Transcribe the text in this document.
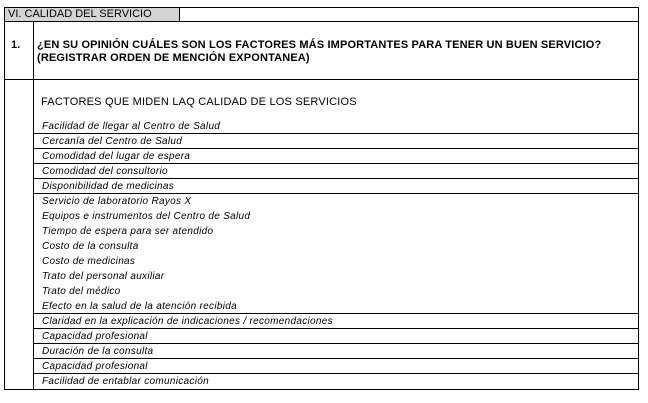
VI. CALIDAD DEL SERVICIO
1. ¿EN SU OPINIÓN CUÁLES SON LOS FACTORES MÁS IMPORTANTES PARA TENER UN BUEN SERVICIO?
(REGISTRAR ORDEN DE MENCIÓN EXPONTANEA)
FACTORES QUE MIDEN LAQ CALIDAD DE LOS SERVICIOS
Facilidad de llegar al Centro de Salud
Cercanía del Centro de Salud
Comodidad del lugar de espera
Comodidad del consultorio
Disponibilidad de medicinas
Servicio de laboratorio Rayos X
Equipos e instrumentos del Centro de Salud
Tiempo de espera para ser atendido
Costo de la consulta
Costo de medicinas
Trato del personal auxiliar
Trato del médico
Efecto en la salud de la atención recibida
Claridad en la explicación de indicaciones / recomendaciones
Capacidad profesional
Duración de la consulta
Capacidad profesional
Facilidad de entablar comunicación
